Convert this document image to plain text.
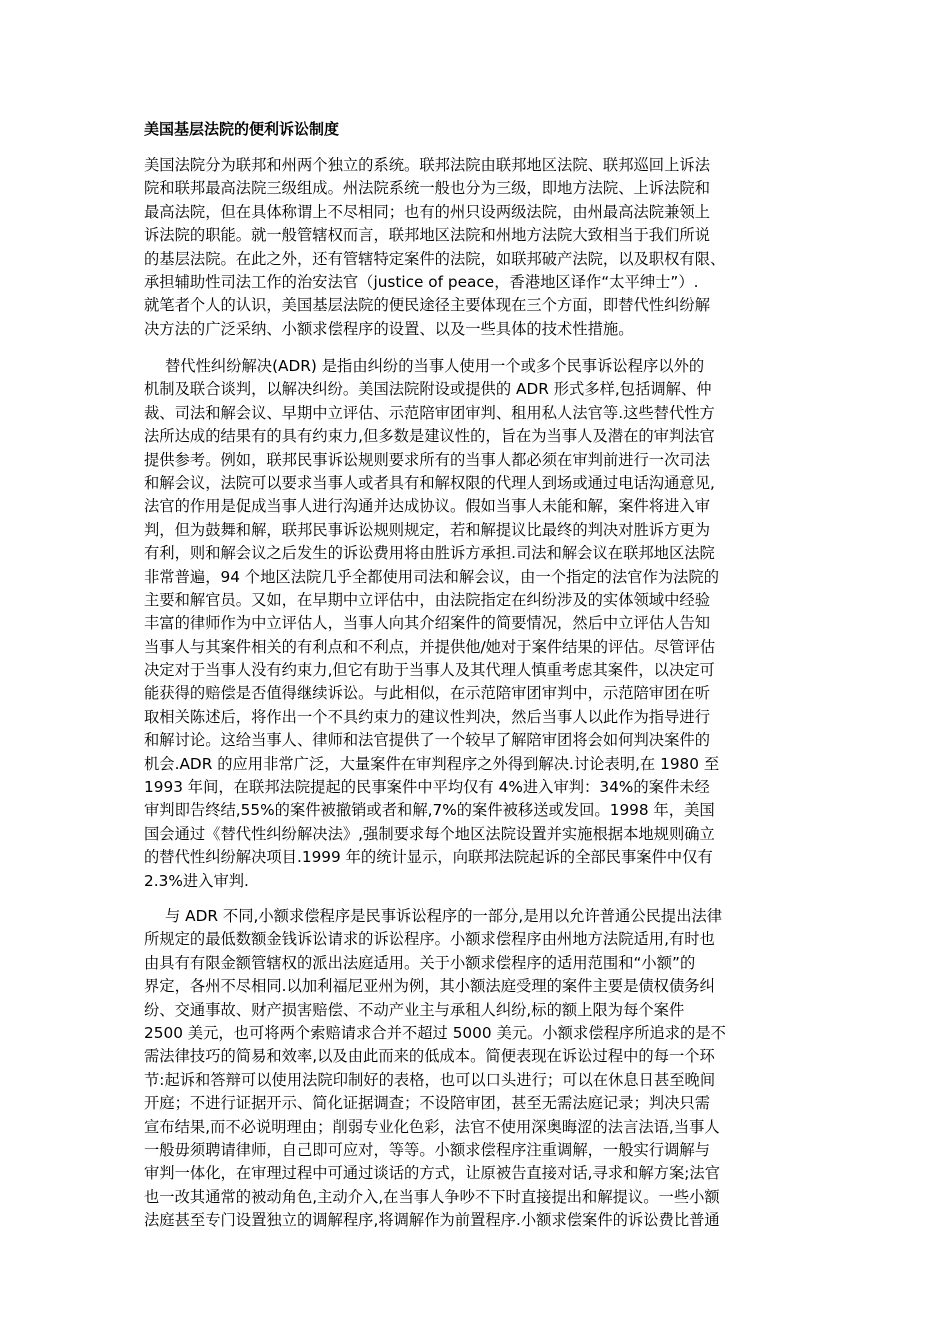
美国基层法院的便利诉讼制度
美国法院分为联邦和州两个独立的系统。联邦法院由联邦地区法院、联邦巡回上诉法
院和联邦最高法院三级组成。州法院系统一般也分为三级，即地方法院、上诉法院和
最高法院，但在具体称谓上不尽相同；也有的州只设两级法院，由州最高法院兼领上
诉法院的职能。就一般管辖权而言，联邦地区法院和州地方法院大致相当于我们所说
的基层法院。在此之外，还有管辖特定案件的法院，如联邦破产法院，以及职权有限、
承担辅助性司法工作的治安法官（justice of peace，香港地区译作“太平绅士”）.
就笔者个人的认识，美国基层法院的便民途径主要体现在三个方面，即替代性纠纷解
决方法的广泛采纳、小额求偿程序的设置、以及一些具体的技术性措施。
替代性纠纷解决(ADR) 是指由纠纷的当事人使用一个或多个民事诉讼程序以外的
机制及联合谈判，以解决纠纷。美国法院附设或提供的 ADR 形式多样,包括调解、仲
裁、司法和解会议、早期中立评估、示范陪审团审判、租用私人法官等.这些替代性方
法所达成的结果有的具有约束力,但多数是建议性的，旨在为当事人及潜在的审判法官
提供参考。例如，联邦民事诉讼规则要求所有的当事人都必须在审判前进行一次司法
和解会议，法院可以要求当事人或者具有和解权限的代理人到场或通过电话沟通意见,
法官的作用是促成当事人进行沟通并达成协议。假如当事人未能和解，案件将进入审
判，但为鼓舞和解，联邦民事诉讼规则规定，若和解提议比最终的判决对胜诉方更为
有利，则和解会议之后发生的诉讼费用将由胜诉方承担.司法和解会议在联邦地区法院
非常普遍，94 个地区法院几乎全都使用司法和解会议，由一个指定的法官作为法院的
主要和解官员。又如，在早期中立评估中，由法院指定在纠纷涉及的实体领域中经验
丰富的律师作为中立评估人，当事人向其介绍案件的简要情况，然后中立评估人告知
当事人与其案件相关的有利点和不利点，并提供他/她对于案件结果的评估。尽管评估
决定对于当事人没有约束力,但它有助于当事人及其代理人慎重考虑其案件，以决定可
能获得的赔偿是否值得继续诉讼。与此相似，在示范陪审团审判中，示范陪审团在听
取相关陈述后，将作出一个不具约束力的建议性判决，然后当事人以此作为指导进行
和解讨论。这给当事人、律师和法官提供了一个较早了解陪审团将会如何判决案件的
机会.ADR 的应用非常广泛，大量案件在审判程序之外得到解决.讨论表明,在 1980 至
1993 年间，在联邦法院提起的民事案件中平均仅有 4%进入审判：34%的案件未经
审判即告终结,55%的案件被撤销或者和解,7%的案件被移送或发回。1998 年，美国
国会通过《替代性纠纷解决法》,强制要求每个地区法院设置并实施根据本地规则确立
的替代性纠纷解决项目.1999 年的统计显示，向联邦法院起诉的全部民事案件中仅有
2.3%进入审判.
与 ADR 不同,小额求偿程序是民事诉讼程序的一部分,是用以允许普通公民提出法律
所规定的最低数额金钱诉讼请求的诉讼程序。小额求偿程序由州地方法院适用,有时也
由具有有限金额管辖权的派出法庭适用。关于小额求偿程序的适用范围和“小额”的
界定，各州不尽相同.以加利福尼亚州为例，其小额法庭受理的案件主要是债权债务纠
纷、交通事故、财产损害赔偿、不动产业主与承租人纠纷,标的额上限为每个案件
2500 美元，也可将两个索赔请求合并不超过 5000 美元。小额求偿程序所追求的是不
需法律技巧的简易和效率,以及由此而来的低成本。简便表现在诉讼过程中的每一个环
节:起诉和答辩可以使用法院印制好的表格，也可以口头进行；可以在休息日甚至晚间
开庭；不进行证据开示、简化证据调查；不设陪审团，甚至无需法庭记录；判决只需
宣布结果,而不必说明理由；削弱专业化色彩，法官不使用深奥晦涩的法言法语,当事人
一般毋须聘请律师，自己即可应对，等等。小额求偿程序注重调解，一般实行调解与
审判一体化，在审理过程中可通过谈话的方式，让原被告直接对话,寻求和解方案;法官
也一改其通常的被动角色,主动介入,在当事人争吵不下时直接提出和解提议。一些小额
法庭甚至专门设置独立的调解程序,将调解作为前置程序.小额求偿案件的诉讼费比普通
